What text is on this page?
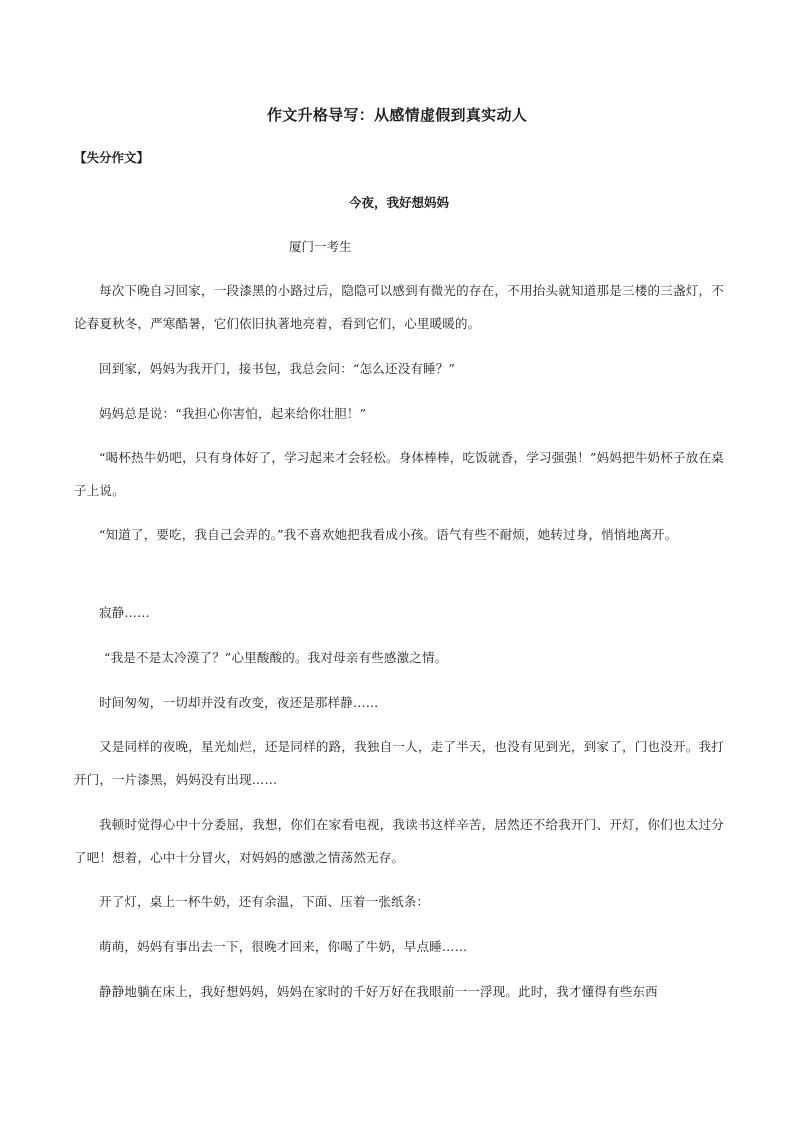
作文升格导写：从感情虚假到真实动人
【失分作文】
今夜，我好想妈妈
厦门一考生
每次下晚自习回家，一段漆黑的小路过后，隐隐可以感到有微光的存在，不用抬头就知道那是三楼的三盏灯，不论春夏秋冬，严寒酷暑，它们依旧执著地亮着，看到它们，心里暖暖的。
回到家，妈妈为我开门，接书包，我总会问：“怎么还没有睡？”
妈妈总是说：“我担心你害怕，起来给你壮胆！”
“喝杯热牛奶吧，只有身体好了，学习起来才会轻松。身体棒棒，吃饭就香，学习强强！”妈妈把牛奶杯子放在桌子上说。
“知道了，要吃，我自己会弄的。”我不喜欢她把我看成小孩。语气有些不耐烦，她转过身，悄悄地离开。
寂静……
“我是不是太冷漠了？”心里酸酸的。我对母亲有些感激之情。
时间匆匆，一切却并没有改变，夜还是那样静……
又是同样的夜晚，星光灿烂，还是同样的路，我独自一人，走了半天，也没有见到光，到家了，门也没开。我打开门，一片漆黑，妈妈没有出现……
我顿时觉得心中十分委屈，我想，你们在家看电视，我读书这样辛苦，居然还不给我开门、开灯，你们也太过分了吧！想着，心中十分冒火，对妈妈的感激之情荡然无存。
开了灯，桌上一杯牛奶，还有余温，下面、压着一张纸条：
萌萌，妈妈有事出去一下，很晚才回来，你喝了牛奶，早点睡……
静静地躺在床上，我好想妈妈，妈妈在家时的千好万好在我眼前一一浮现。此时，我才懂得有些东西
